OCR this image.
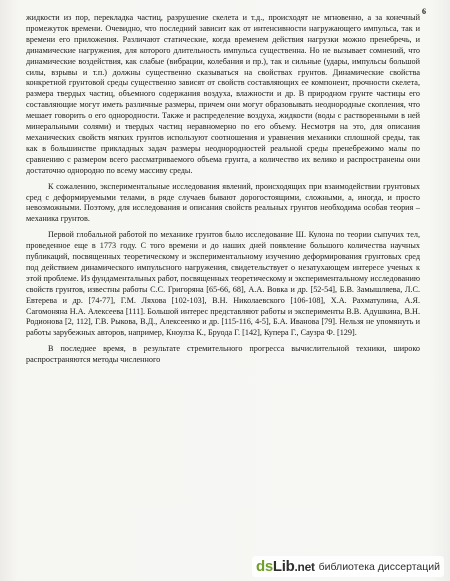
6

жидкости из пор, перекладка частиц, разрушение скелета и т.д., происходят не мгновенно, а за конечный промежуток времени. Очевидно, что последний зависит как от интенсивности нагружающего импульса, так и времени его приложения. Различают статические, когда временем действия нагрузки можно пренебречь, и динамические нагружения, для которого длительность импульса существенна. Но не вызывает сомнений, что динамические воздействия, как слабые (вибрации, колебания и пр.), так и сильные (удары, импульсы большой силы, взрывы и т.п.) должны существенно сказываться на свойствах грунтов. Динамические свойства конкретной грунтовой среды существенно зависят от свойств составляющих ее компонент, прочности скелета, размера твердых частиц, объемного содержания воздуха, влажности и др. В природном грунте частицы его составляющие могут иметь различные размеры, причем они могут образовывать неоднородные скопления, что мешает говорить о его однородности. Также и распределение воздуха, жидкости (воды с растворенными в ней минеральными солями) и твердых частиц неравномерно по его объему. Несмотря на это, для описания механических свойств мягких грунтов используют соотношения и уравнения механики сплошной среды, так как в большинстве прикладных задач размеры неоднородностей реальной среды пренебрежимо малы по сравнению с размером всего рассматриваемого объема грунта, а количество их велико и распространены они достаточно однородно по всему массиву среды.

К сожалению, экспериментальные исследования явлений, происходящих при взаимодействии грунтовых сред с деформируемыми телами, в ряде случаев бывают дорогостоящими, сложными, а, иногда, и просто невозможными. Поэтому, для исследования и описания свойств реальных грунтов необходима особая теория – механика грунтов.

Первой глобальной работой по механике грунтов было исследование Ш. Кулона по теории сыпучих тел, проведенное еще в 1773 году. С того времени и до наших дней появление большого количества научных публикаций, посвященных теоретическому и экспериментальному изучению деформирования грунтовых сред под действием динамического импульсного нагружения, свидетельствует о незатухающем интересе ученых к этой проблеме. Из фундаментальных работ, посвященных теоретическому и экспериментальному исследованию свойств грунтов, известны работы С.С. Григоряна [65-66, 68], А.А. Вовка и др. [52-54], Б.В. Замышляева, Л.С. Евтерева и др. [74-77], Г.М. Ляхова [102-103], В.Н. Николаевского [106-108], Х.А. Рахматулина, А.Я. Сагомоняна Н.А. Алексеева [111]. Большой интерес представляют работы и эксперименты В.В. Адушкина, В.Н. Родионова [2, 112], Г.В. Рыкова, В.Д., Алексеенко и др. [115-116, 4-5], Б.А. Иванова [79]. Нельзя не упомянуть и работы зарубежных авторов, например, Кноулза К., Бруода Г. [142], Купера Г., Саузра Ф. [129].

В последнее время, в результате стремительного прогресса вычислительной техники, широко распространяются методы численного

dsLib.net библиотека диссертаций
